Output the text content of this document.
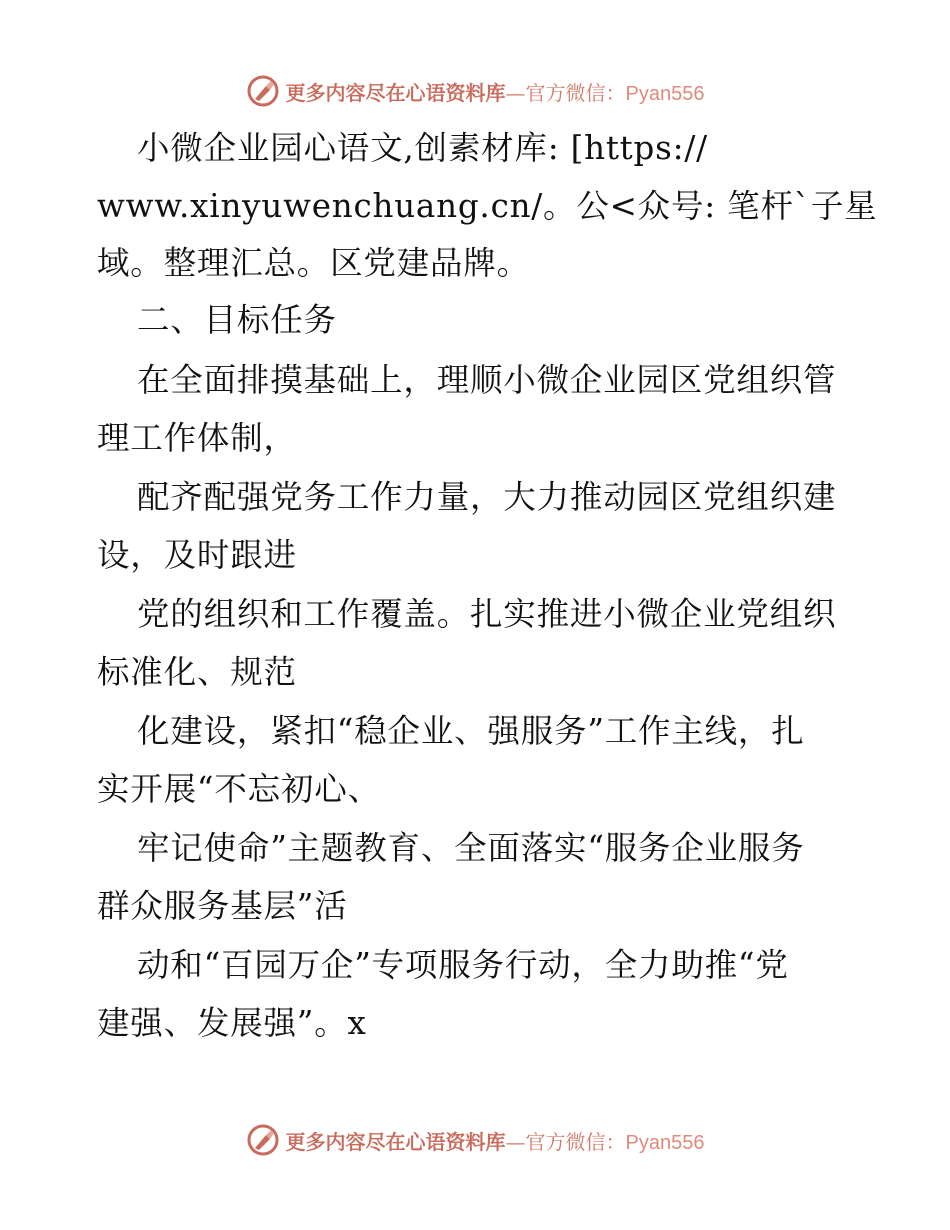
更多内容尽在心语资料库—官方微信：Pyan556
小微企业园心语文,创素材库: [https://
www.xinyuwenchuang.cn/。公<众号: 笔杆`子星
域。整理汇总。区党建品牌。
二、目标任务
在全面排摸基础上，理顺小微企业园区党组织管
理工作体制，
配齐配强党务工作力量，大力推动园区党组织建
设，及时跟进
党的组织和工作覆盖。扎实推进小微企业党组织
标准化、规范
化建设，紧扣“稳企业、强服务”工作主线，扎
实开展“不忘初心、
牢记使命”主题教育、全面落实“服务企业服务
群众服务基层”活
动和“百园万企”专项服务行动，全力助推“党
建强、发展强”。x
更多内容尽在心语资料库—官方微信：Pyan556
